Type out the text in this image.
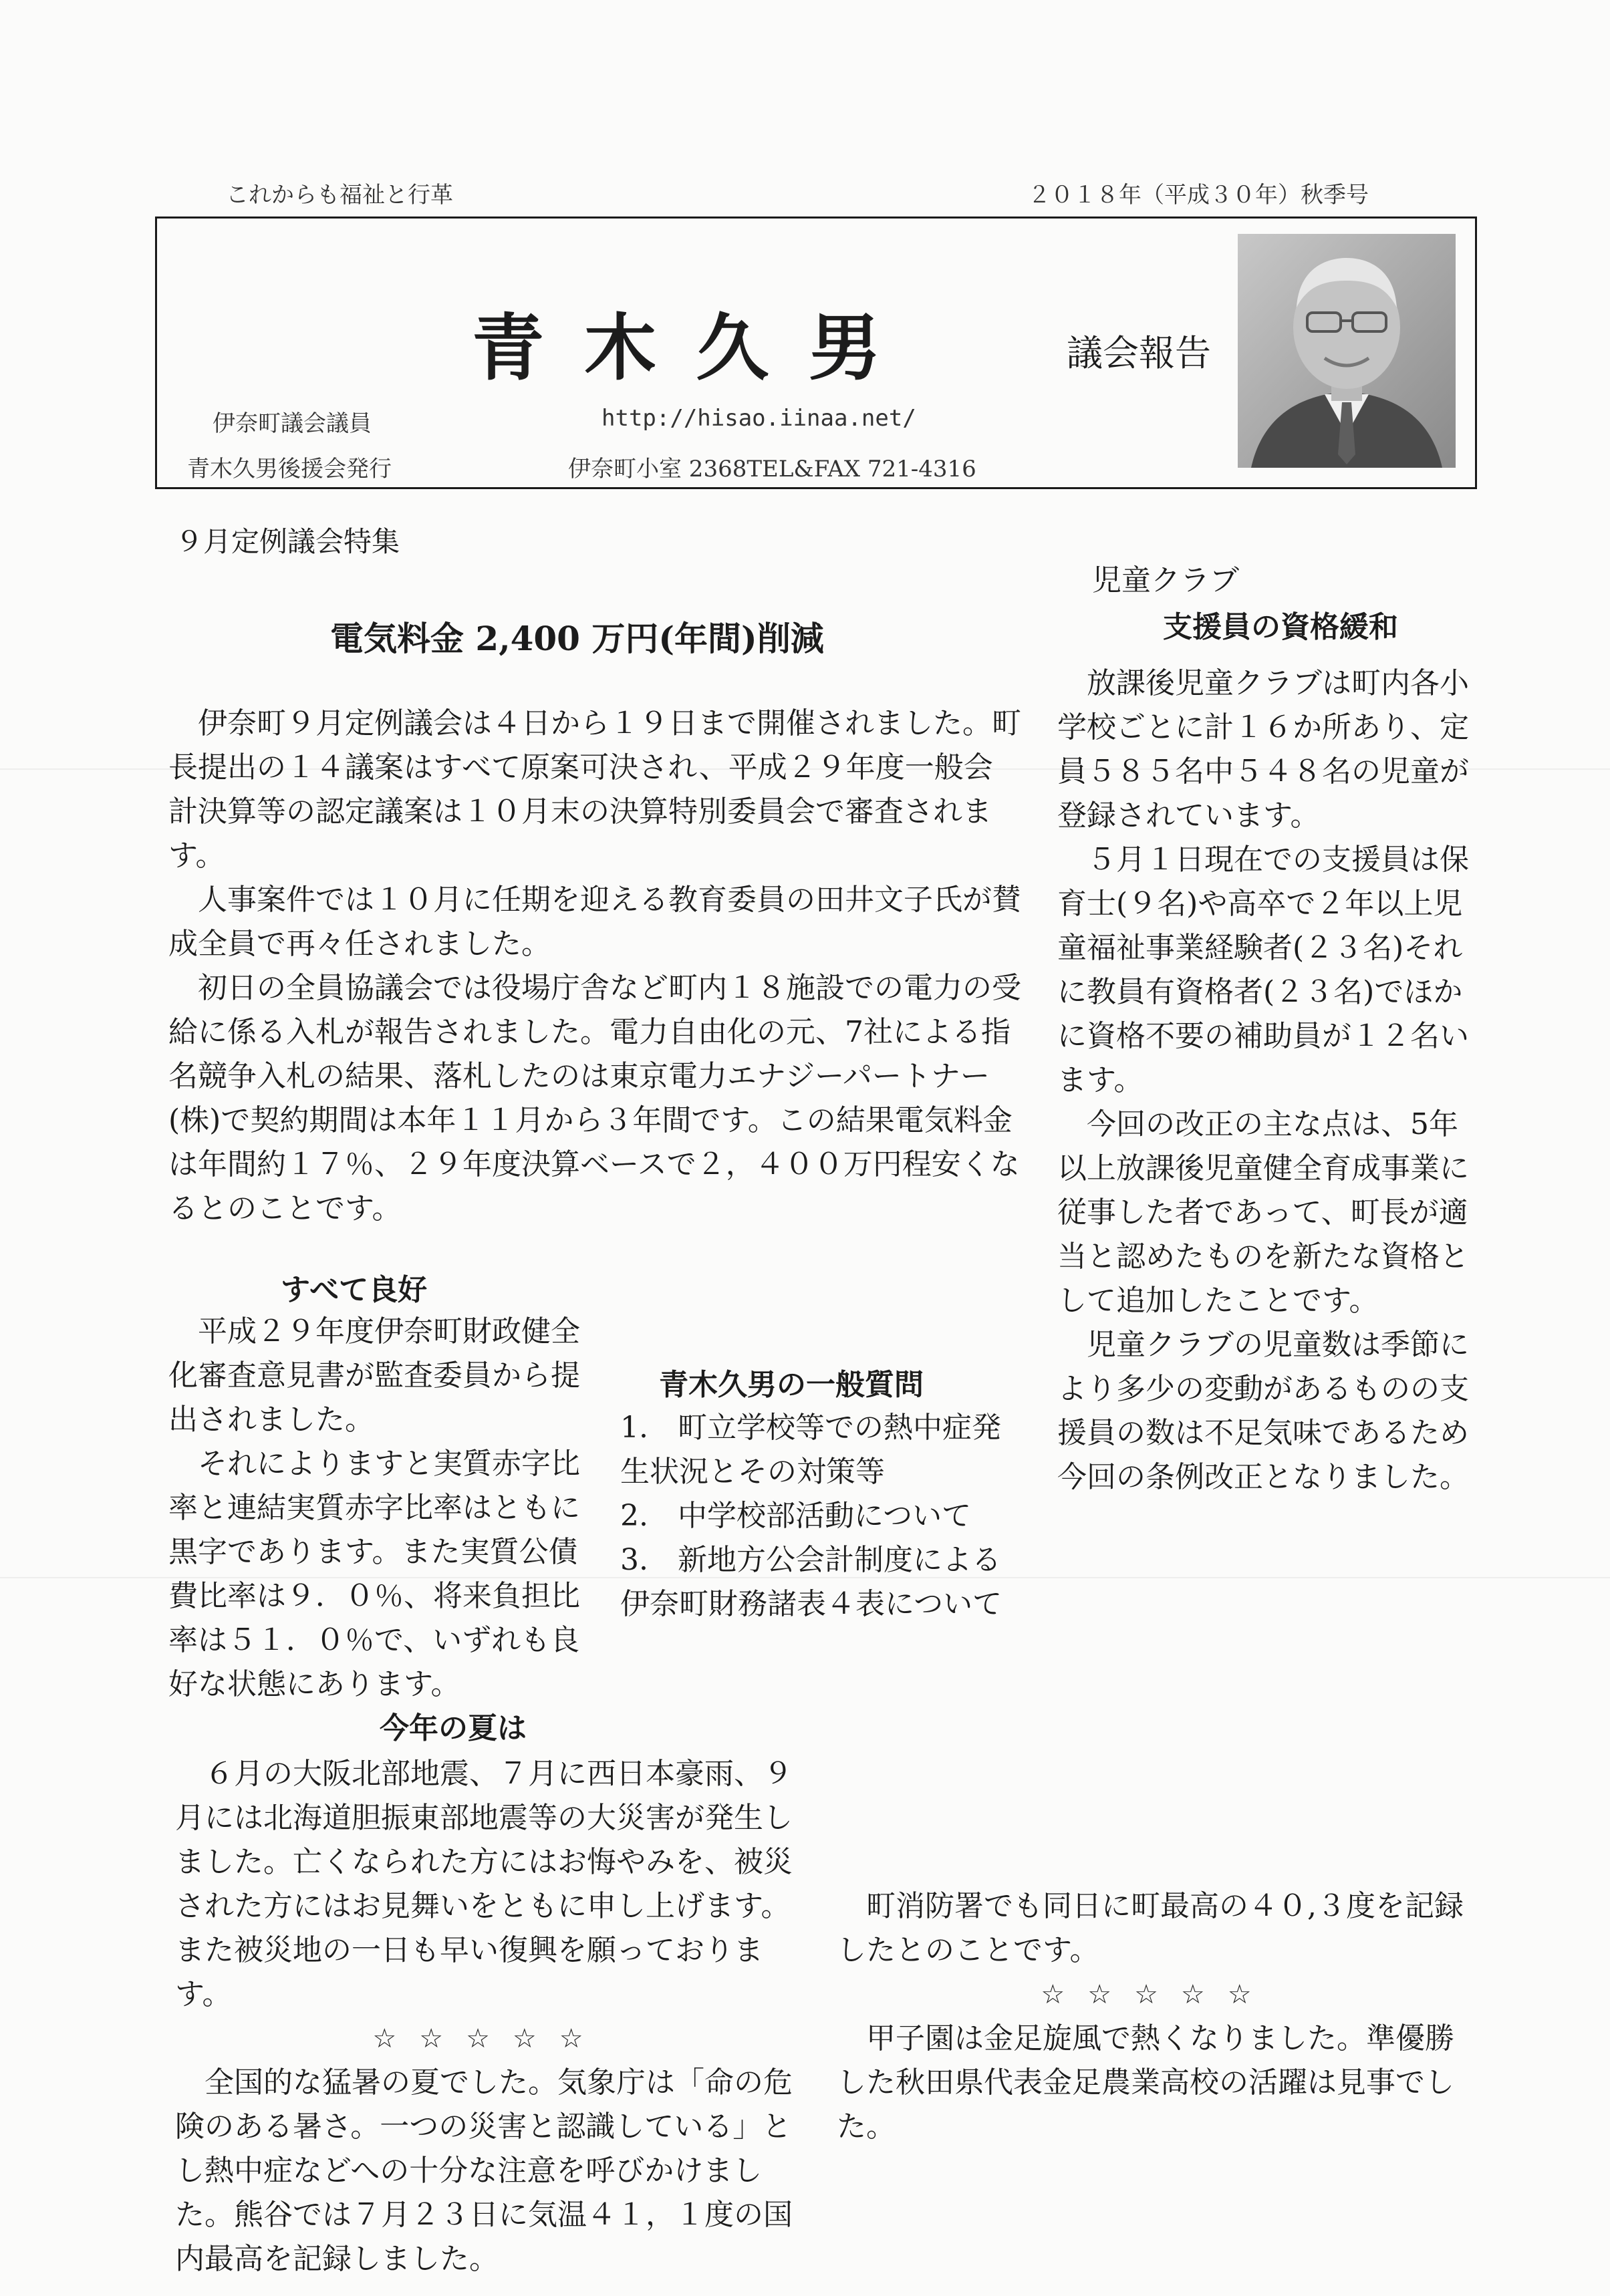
これからも福祉と行革	２０１８年（平成３０年）秋季号
青木久男	議会報告
伊奈町議会議員
青木久男後援会発行
http://hisao.iinaa.net/
伊奈町小室 2368TEL&FAX 721-4316
９月定例議会特集
電気料金 2,400 万円(年間)削減

伊奈町９月定例議会は４日から１９日まで開催されました。町長提出の１４議案はすべて原案可決され、平成２９年度一般会計決算等の認定議案は１０月末の決算特別委員会で審査されます。

人事案件では１０月に任期を迎える教育委員の田井文子氏が賛成全員で再々任されました。

初日の全員協議会では役場庁舎など町内１８施設での電力の受給に係る入札が報告されました。電力自由化の元、7社による指名競争入札の結果、落札したのは東京電力エナジーパートナー(株)で契約期間は本年１１月から３年間です。この結果電気料金は年間約１７％、２９年度決算ベースで２，４００万円程安くなるとのことです。

すべて良好

平成２９年度伊奈町財政健全化審査意見書が監査委員から提出されました。

それによりますと実質赤字比率と連結実質赤字比率はともに黒字であります。また実質公債費比率は９．０％、将来負担比率は５１．０％で、いずれも良好な状態にあります。

青木久男の一般質問
1.　町立学校等での熱中症発生状況とその対策等
2.　中学校部活動について
3.　新地方公会計制度による伊奈町財務諸表４表について
児童クラブ
支援員の資格緩和

放課後児童クラブは町内各小学校ごとに計１６か所あり、定員５８５名中５４８名の児童が登録されています。

５月１日現在での支援員は保育士(９名)や高卒で２年以上児童福祉事業経験者(２３名)それに教員有資格者(２３名)でほかに資格不要の補助員が１２名います。

今回の改正の主な点は、5年以上放課後児童健全育成事業に従事した者であって、町長が適当と認めたものを新たな資格として追加したことです。

児童クラブの児童数は季節により多少の変動があるものの支援員の数は不足気味であるため今回の条例改正となりました。

今年の夏は

６月の大阪北部地震、７月に西日本豪雨、９月には北海道胆振東部地震等の大災害が発生しました。亡くなられた方にはお悔やみを、被災された方にはお見舞いをともに申し上げます。また被災地の一日も早い復興を願っております。

☆☆☆☆☆

全国的な猛暑の夏でした。気象庁は「命の危険のある暑さ。一つの災害と認識している」とし熱中症などへの十分な注意を呼びかけました。熊谷では７月２３日に気温４１，１度の国内最高を記録しました。

町消防署でも同日に町最高の４０,３度を記録したとのことです。

☆☆☆☆☆

甲子園は金足旋風で熱くなりました。準優勝した秋田県代表金足農業高校の活躍は見事でした。
